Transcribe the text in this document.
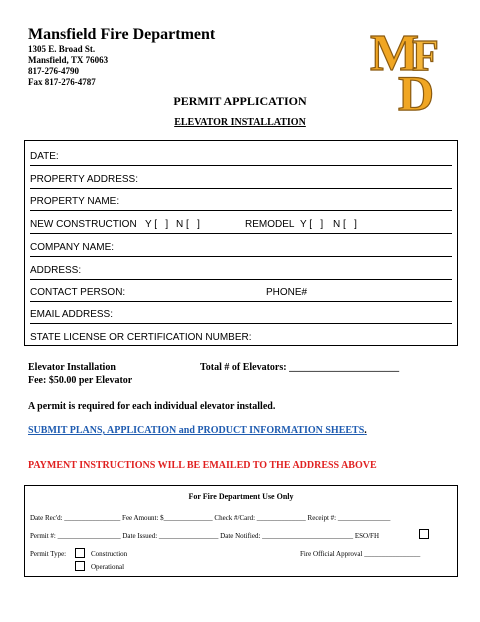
Mansfield Fire Department
1305 E. Broad St.
Mansfield, TX 76063
817-276-4790
Fax 817-276-4787	M
F
D
PERMIT APPLICATION
ELEVATOR INSTALLATION
DATE:
PROPERTY ADDRESS:
PROPERTY NAME:
NEW CONSTRUCTION Y [   ] N [   ]	REMODEL Y [   ] N [   ]
COMPANY NAME:
ADDRESS:
CONTACT PERSON:	PHONE#
EMAIL ADDRESS:
STATE LICENSE OR CERTIFICATION NUMBER:
Elevator Installation
Fee: $50.00 per Elevator
Total # of Elevators: ______________________
A permit is required for each individual elevator installed.
SUBMIT PLANS, APPLICATION and PRODUCT INFORMATION SHEETS.
PAYMENT INSTRUCTIONS WILL BE EMAILED TO THE ADDRESS ABOVE
For Fire Department Use Only
Date Rec'd: ________________ Fee Amount: $______________ Check #/Card: ______________ Receipt #: _______________
Permit #: __________________ Date Issued: _________________ Date Notified: __________________________ ESO/FH
Permit Type:	Construction
Operational
Fire Official Approval ________________
